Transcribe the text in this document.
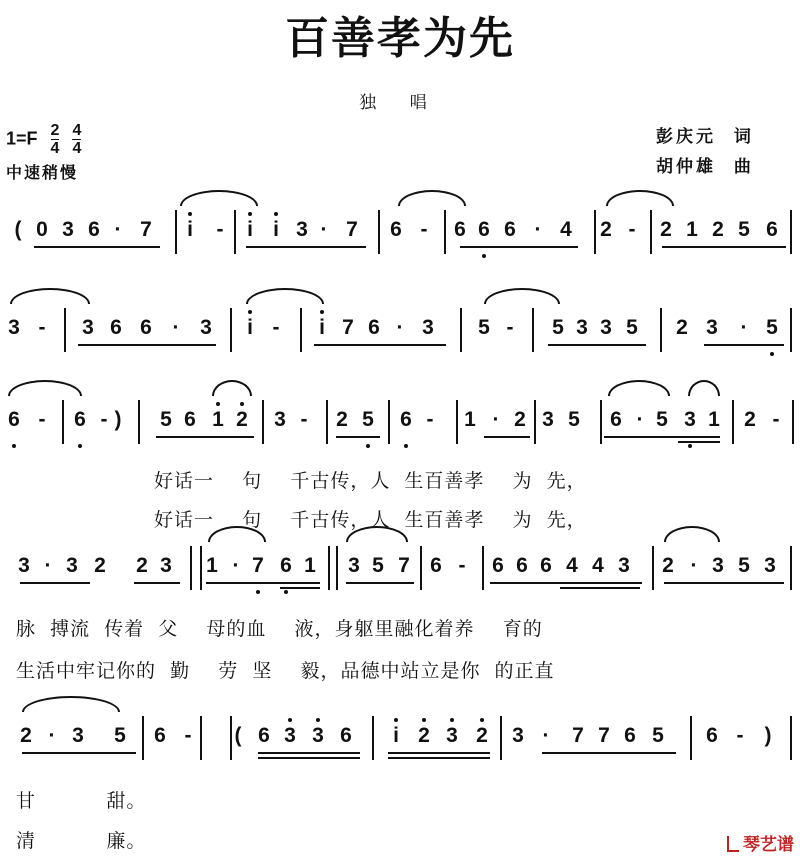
百善孝为先
独 唱
$1=F \frac{2}{4}$
$\frac{4}{4}$
中速稍慢
彭庆元  词
胡仲雄  曲
( 0 3 6 · 7 i - i i 3 · 7 6 - 6 6 6 · 4 2 - 2 1 2 5 6
3 - 3 6 6 · 3 i - i 7 6 · 3 5 - 5 3 3 5 2 3 · 5
6 - 6 - ) 5 6 1 2 3 - 2 5 6 - 1 · 2 3 5 6 · 5 3 1 2 -
3 · 3 2 2 3 1 · 7 6 1 3 5 7 6 - 6 6 6 4 4 3 2 · 3 5 3
2 · 3 5 6 - ( 6 3 3 6 i 2 3 2 3 · 7 7 6 5 6 - )
好话一    句    千古传，人  生百善孝    为  先，
好话一    句    千古传，人  生百善孝    为  先，
脉  搏流  传着  父    母的血    液，身躯里融化着养    育的
生活中牢记你的  勤    劳  坚    毅，品德中站立是你  的正直
甘          甜。
清          廉。	琴艺谱
